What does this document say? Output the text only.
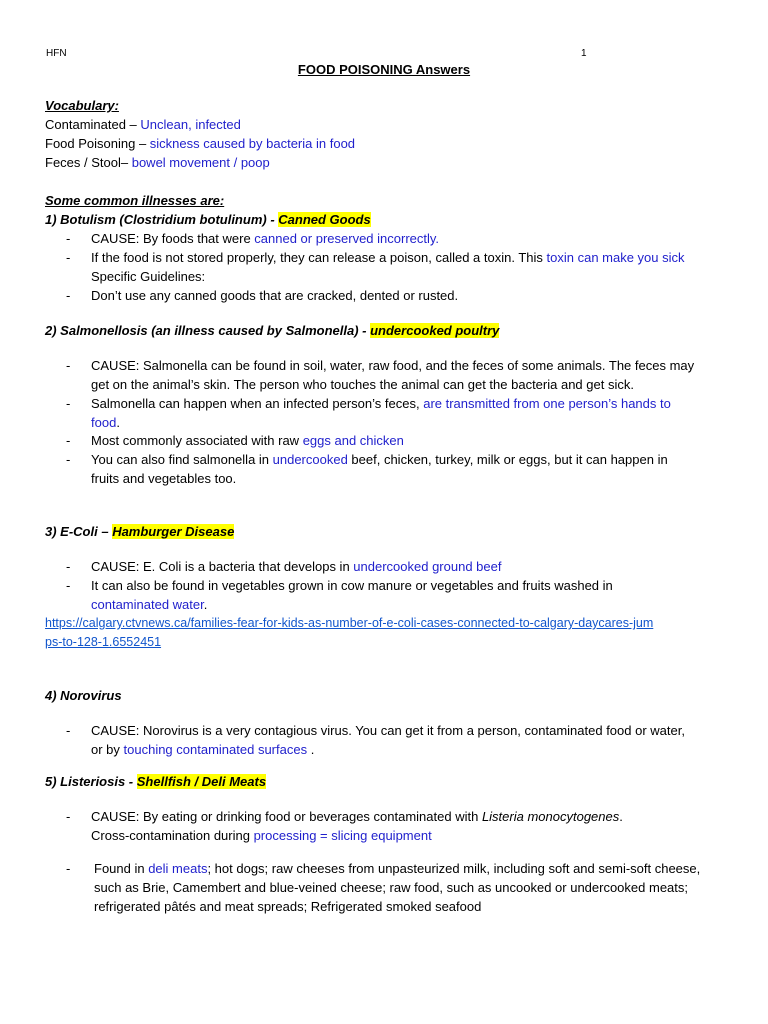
HFN	1
FOOD POISONING Answers
Vocabulary:
Contaminated – Unclean, infected
Food Poisoning – sickness caused by bacteria in food
Feces / Stool– bowel movement / poop
Some common illnesses are:
1) Botulism (Clostridium botulinum) - Canned Goods
- CAUSE: By foods that were canned or preserved incorrectly.
- If the food is not stored properly, they can release a poison, called a toxin. This toxin can make you sick
Specific Guidelines:
- Don’t use any canned goods that are cracked, dented or rusted.
2) Salmonellosis (an illness caused by Salmonella) - undercooked poultry
- CAUSE: Salmonella can be found in soil, water, raw food, and the feces of some animals. The feces may
get on the animal’s skin. The person who touches the animal can get the bacteria and get sick.
- Salmonella can happen when an infected person’s feces, are transmitted from one person’s hands to
food.
- Most commonly associated with raw eggs and chicken
- You can also find salmonella in undercooked beef, chicken, turkey, milk or eggs, but it can happen in
fruits and vegetables too.
3) E-Coli – Hamburger Disease
- CAUSE: E. Coli is a bacteria that develops in undercooked ground beef
- It can also be found in vegetables grown in cow manure or vegetables and fruits washed in
contaminated water.
https://calgary.ctvnews.ca/families-fear-for-kids-as-number-of-e-coli-cases-connected-to-calgary-daycares-jum
ps-to-128-1.6552451
4) Norovirus
- CAUSE: Norovirus is a very contagious virus. You can get it from a person, contaminated food or water,
or by touching contaminated surfaces .
5) Listeriosis - Shellfish / Deli Meats
- CAUSE: By eating or drinking food or beverages contaminated with Listeria monocytogenes.
Cross-contamination during processing = slicing equipment
- Found in deli meats; hot dogs; raw cheeses from unpasteurized milk, including soft and semi-soft cheese,
such as Brie, Camembert and blue-veined cheese; raw food, such as uncooked or undercooked meats;
refrigerated pâtés and meat spreads; Refrigerated smoked seafood
